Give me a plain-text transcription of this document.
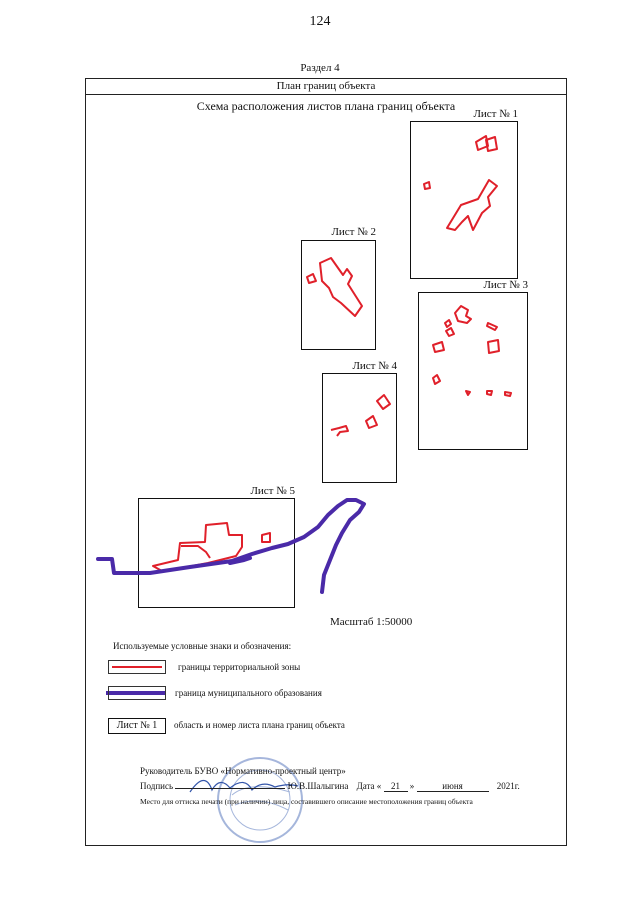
124
Раздел 4
План границ объекта
Схема расположения листов плана границ объекта
Лист № 1
Лист № 2
Лист № 3
Лист № 4
Лист № 5
Масштаб 1:50000
Используемые условные знаки и обозначения:
границы территориальной зоны
граница муниципального образования
Лист № 1	область и номер листа плана границ объекта
Руководитель БУВО «Нормативно-проектный центр»
Подпись	Ю.В.Шалыгина Дата « 21 »	июня	2021г.
Место для оттиска печати (при наличии) лица, составившего описание местоположения границ объекта
